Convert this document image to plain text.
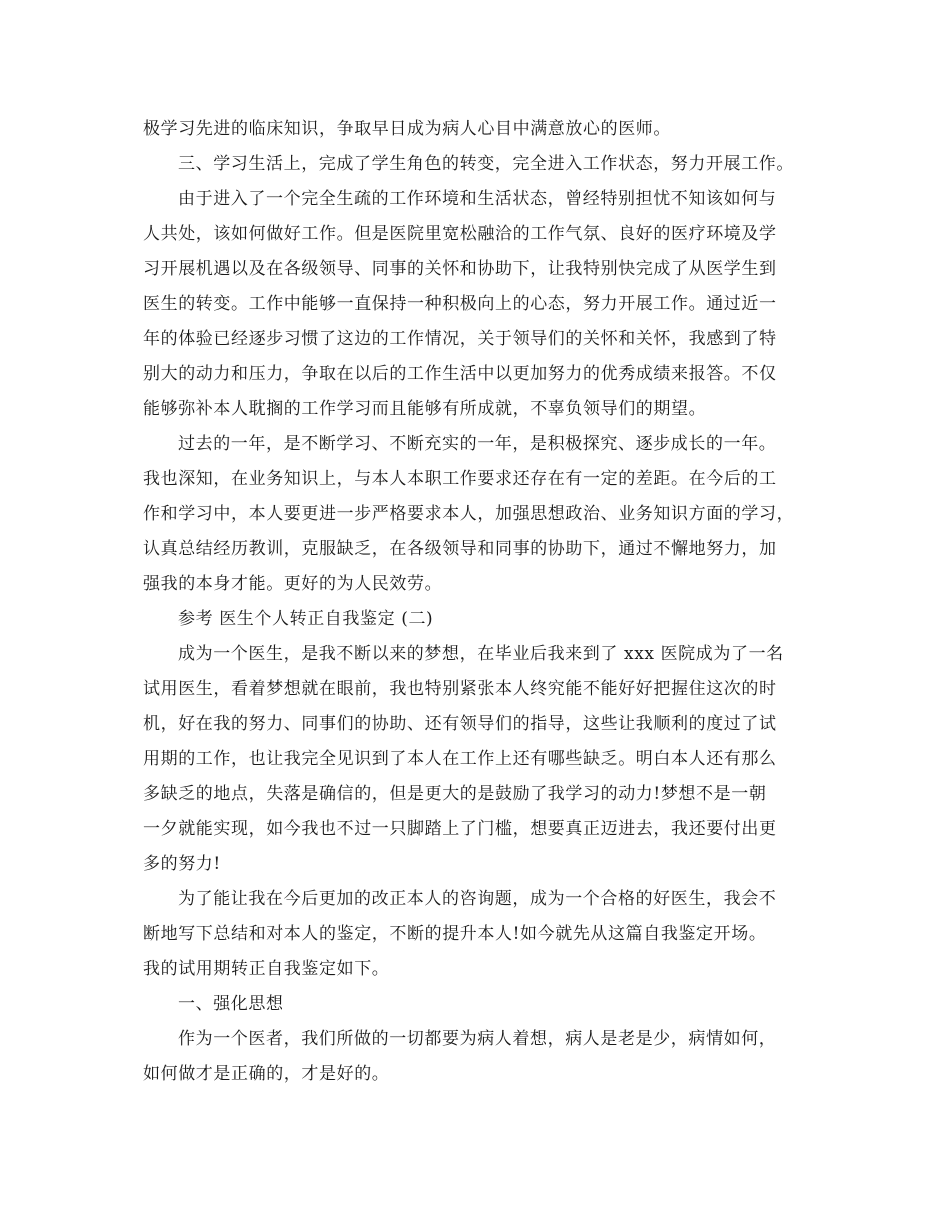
极学习先进的临床知识，争取早日成为病人心目中满意放心的医师。
三、学习生活上，完成了学生角色的转变，完全进入工作状态，努力开展工作。
由于进入了一个完全生疏的工作环境和生活状态，曾经特别担忧不知该如何与
人共处，该如何做好工作。但是医院里宽松融洽的工作气氛、良好的医疗环境及学
习开展机遇以及在各级领导、同事的关怀和协助下，让我特别快完成了从医学生到
医生的转变。工作中能够一直保持一种积极向上的心态，努力开展工作。通过近一
年的体验已经逐步习惯了这边的工作情况，关于领导们的关怀和关怀，我感到了特
别大的动力和压力，争取在以后的工作生活中以更加努力的优秀成绩来报答。不仅
能够弥补本人耽搁的工作学习而且能够有所成就，不辜负领导们的期望。
过去的一年，是不断学习、不断充实的一年，是积极探究、逐步成长的一年。
我也深知，在业务知识上，与本人本职工作要求还存在有一定的差距。在今后的工
作和学习中，本人要更进一步严格要求本人，加强思想政治、业务知识方面的学习，
认真总结经历教训，克服缺乏，在各级领导和同事的协助下，通过不懈地努力，加
强我的本身才能。更好的为人民效劳。
参考 医生个人转正自我鉴定 (二)
成为一个医生，是我不断以来的梦想，在毕业后我来到了 xxx 医院成为了一名
试用医生，看着梦想就在眼前，我也特别紧张本人终究能不能好好把握住这次的时
机，好在我的努力、同事们的协助、还有领导们的指导，这些让我顺利的度过了试
用期的工作，也让我完全见识到了本人在工作上还有哪些缺乏。明白本人还有那么
多缺乏的地点，失落是确信的，但是更大的是鼓励了我学习的动力!梦想不是一朝
一夕就能实现，如今我也不过一只脚踏上了门槛，想要真正迈进去，我还要付出更
多的努力!
为了能让我在今后更加的改正本人的咨询题，成为一个合格的好医生，我会不
断地写下总结和对本人的鉴定，不断的提升本人!如今就先从这篇自我鉴定开场。
我的试用期转正自我鉴定如下。
一、强化思想
作为一个医者，我们所做的一切都要为病人着想，病人是老是少，病情如何，
如何做才是正确的，才是好的。
